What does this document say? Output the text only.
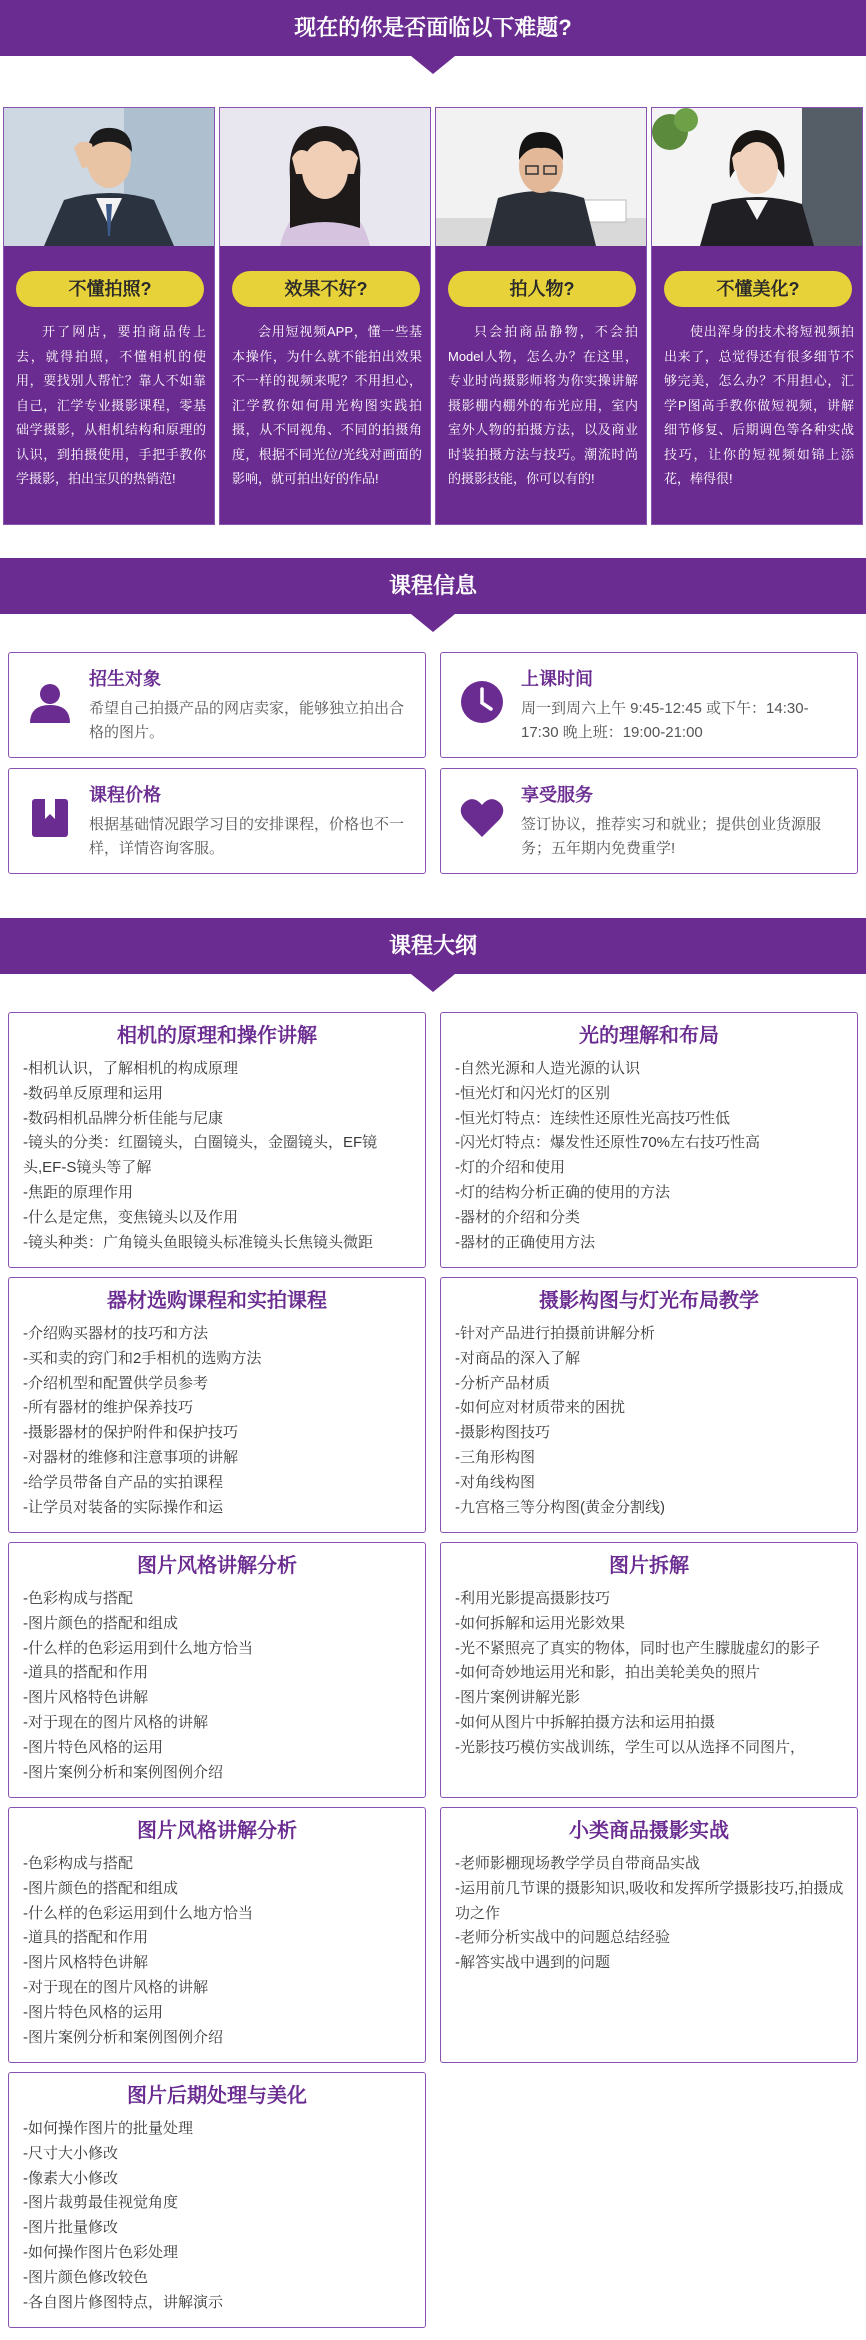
现在的你是否面临以下难题?
不懂拍照?
开了网店，要拍商品传上去，就得拍照，不懂相机的使用，要找别人帮忙？靠人不如靠自己，汇学专业摄影课程，零基础学摄影，从相机结构和原理的认识，到拍摄使用，手把手教你学摄影，拍出宝贝的热销范!
效果不好?
会用短视频APP，懂一些基本操作，为什么就不能拍出效果不一样的视频来呢？不用担心，汇学教你如何用光构图实践拍摄，从不同视角、不同的拍摄角度，根据不同光位/光线对画面的影响，就可拍出好的作品!
拍人物?
只会拍商品静物，不会拍Model人物，怎么办？在这里，专业时尚摄影师将为你实操讲解摄影棚内棚外的布光应用，室内室外人物的拍摄方法，以及商业时装拍摄方法与技巧。潮流时尚的摄影技能，你可以有的!
不懂美化?
使出浑身的技术将短视频拍出来了，总觉得还有很多细节不够完美，怎么办？不用担心，汇学P图高手教你做短视频，讲解细节修复、后期调色等各种实战技巧，让你的短视频如锦上添花，棒得很!
课程信息
招生对象
希望自己拍摄产品的网店卖家，能够独立拍出合格的图片。
上课时间
周一到周六上午 9:45-12:45 或下午：14:30-17:30 晚上班：19:00-21:00
课程价格
根据基础情况跟学习目的安排课程，价格也不一样，详情咨询客服。
享受服务
签订协议，推荐实习和就业；提供创业货源服务；五年期内免费重学!
课程大纲
相机的原理和操作讲解
-相机认识，了解相机的构成原理
-数码单反原理和运用
-数码相机品牌分析佳能与尼康
-镜头的分类：红圈镜头，白圈镜头，金圈镜头，EF镜头,EF-S镜头等了解
-焦距的原理作用
-什么是定焦，变焦镜头以及作用
-镜头种类：广角镜头鱼眼镜头标准镜头长焦镜头微距
光的理解和布局
-自然光源和人造光源的认识
-恒光灯和闪光灯的区别
-恒光灯特点：连续性还原性光高技巧性低
-闪光灯特点：爆发性还原性70%左右技巧性高
-灯的介绍和使用
-灯的结构分析正确的使用的方法
-器材的介绍和分类
-器材的正确使用方法
器材选购课程和实拍课程
-介绍购买器材的技巧和方法
-买和卖的窍门和2手相机的选购方法
-介绍机型和配置供学员参考
-所有器材的维护保养技巧
-摄影器材的保护附件和保护技巧
-对器材的维修和注意事项的讲解
-给学员带备自产品的实拍课程
-让学员对装备的实际操作和运
摄影构图与灯光布局教学
-针对产品进行拍摄前讲解分析
-对商品的深入了解
-分析产品材质
-如何应对材质带来的困扰
-摄影构图技巧
-三角形构图
-对角线构图
-九宫格三等分构图(黄金分割线)
图片风格讲解分析
-色彩构成与搭配
-图片颜色的搭配和组成
-什么样的色彩运用到什么地方恰当
-道具的搭配和作用
-图片风格特色讲解
-对于现在的图片风格的讲解
-图片特色风格的运用
-图片案例分析和案例图例介绍
图片拆解
-利用光影提高摄影技巧
-如何拆解和运用光影效果
-光不紧照亮了真实的物体，同时也产生朦胧虚幻的影子
-如何奇妙地运用光和影，拍出美轮美奂的照片
-图片案例讲解光影
-如何从图片中拆解拍摄方法和运用拍摄
-光影技巧模仿实战训练，学生可以从选择不同图片，
图片风格讲解分析
-色彩构成与搭配
-图片颜色的搭配和组成
-什么样的色彩运用到什么地方恰当
-道具的搭配和作用
-图片风格特色讲解
-对于现在的图片风格的讲解
-图片特色风格的运用
-图片案例分析和案例图例介绍
小类商品摄影实战
-老师影棚现场教学学员自带商品实战
-运用前几节课的摄影知识,吸收和发挥所学摄影技巧,拍摄成功之作
-老师分析实战中的问题总结经验
-解答实战中遇到的问题
图片后期处理与美化
-如何操作图片的批量处理
-尺寸大小修改
-像素大小修改
-图片裁剪最佳视觉角度
-图片批量修改
-如何操作图片色彩处理
-图片颜色修改较色
-各自图片修图特点，讲解演示
